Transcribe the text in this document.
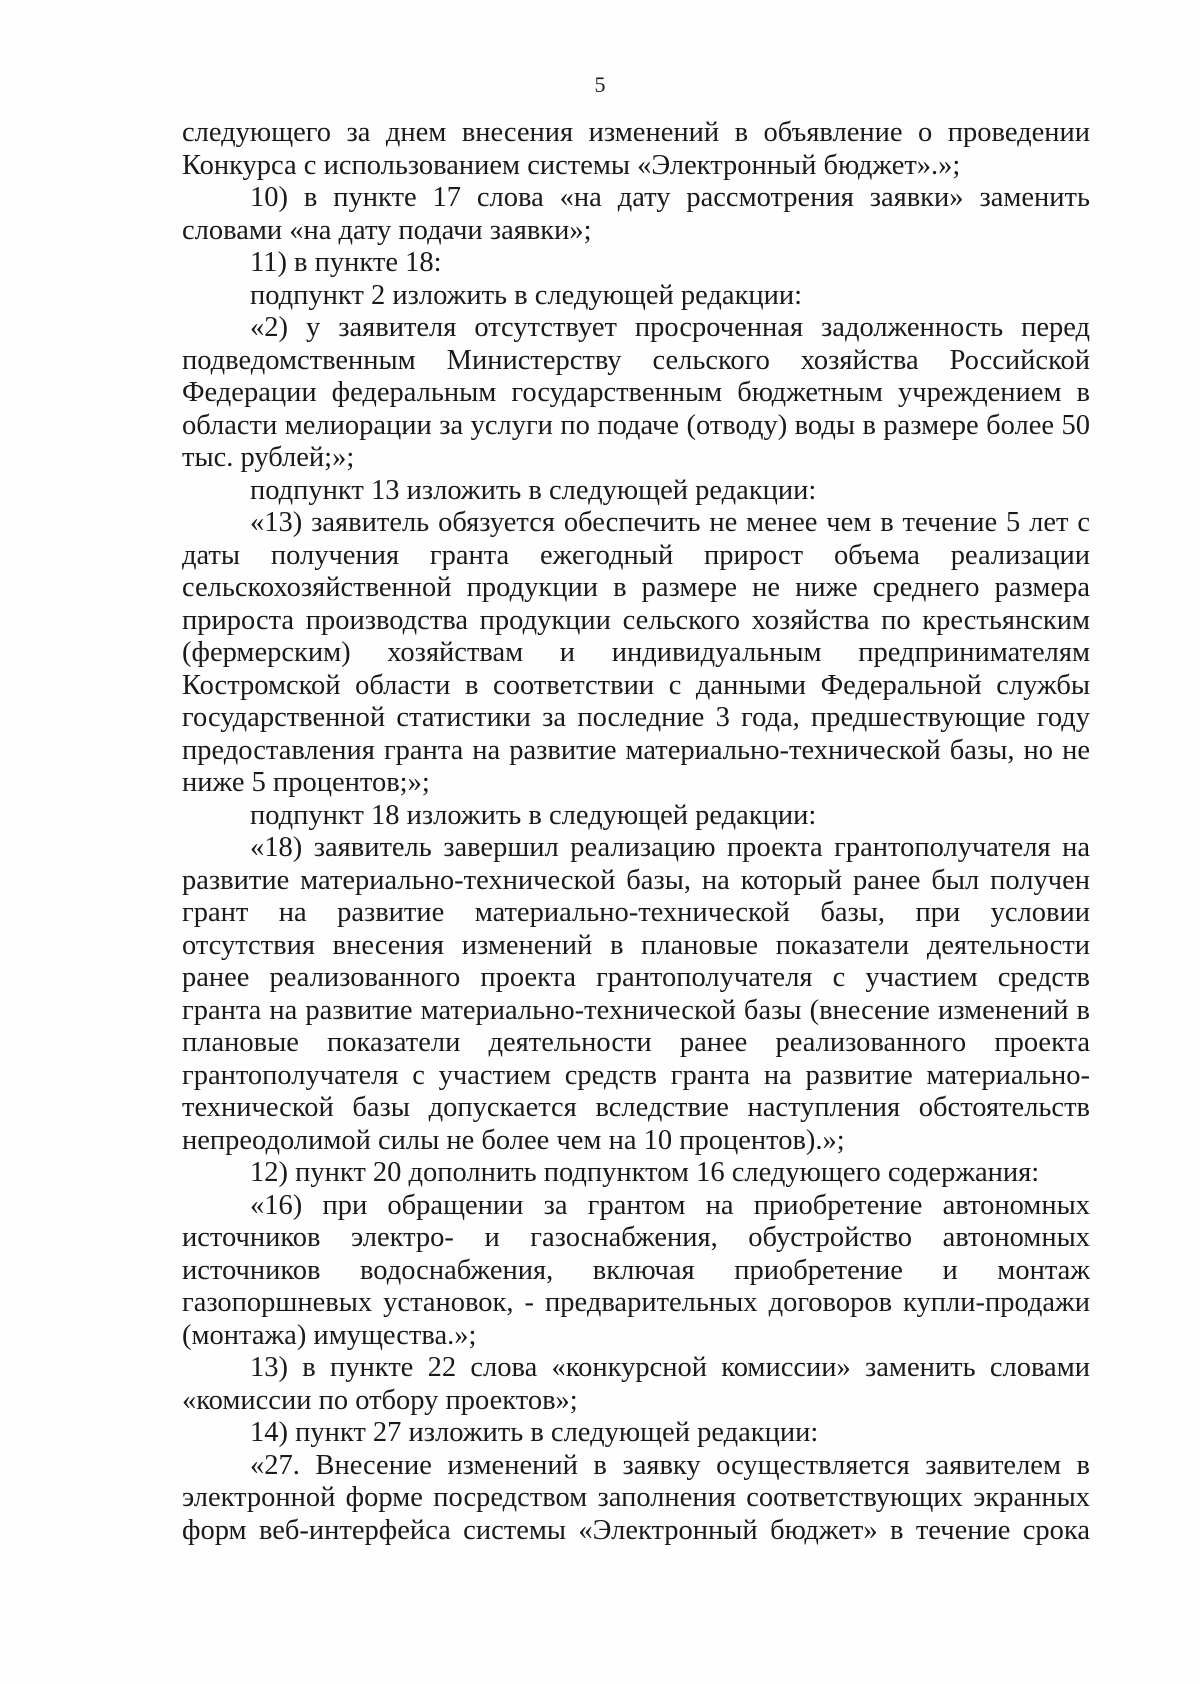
5

следующего за днем внесения изменений в объявление о проведении Конкурса с использованием системы «Электронный бюджет».»;

10) в пункте 17 слова «на дату рассмотрения заявки» заменить словами «на дату подачи заявки»;

11) в пункте 18:

подпункт 2 изложить в следующей редакции:

«2) у заявителя отсутствует просроченная задолженность перед подведомственным Министерству сельского хозяйства Российской Федерации федеральным государственным бюджетным учреждением в области мелиорации за услуги по подаче (отводу) воды в размере более 50 тыс. рублей;»;

подпункт 13 изложить в следующей редакции:

«13) заявитель обязуется обеспечить не менее чем в течение 5 лет с даты получения гранта ежегодный прирост объема реализации сельскохозяйственной продукции в размере не ниже среднего размера прироста производства продукции сельского хозяйства по крестьянским (фермерским) хозяйствам и индивидуальным предпринимателям Костромской области в соответствии с данными Федеральной службы государственной статистики за последние 3 года, предшествующие году предоставления гранта на развитие материально-технической базы, но не ниже 5 процентов;»;

подпункт 18 изложить в следующей редакции:

«18) заявитель завершил реализацию проекта грантополучателя на развитие материально-технической базы, на который ранее был получен грант на развитие материально-технической базы, при условии отсутствия внесения изменений в плановые показатели деятельности ранее реализованного проекта грантополучателя с участием средств гранта на развитие материально-технической базы (внесение изменений в плановые показатели деятельности ранее реализованного проекта грантополучателя с участием средств гранта на развитие материально-технической базы допускается вследствие наступления обстоятельств непреодолимой силы не более чем на 10 процентов).»;

12) пункт 20 дополнить подпунктом 16 следующего содержания:

«16) при обращении за грантом на приобретение автономных источников электро- и газоснабжения, обустройство автономных источников водоснабжения, включая приобретение и монтаж газопоршневых установок, - предварительных договоров купли-продажи (монтажа) имущества.»;

13) в пункте 22 слова «конкурсной комиссии» заменить словами «комиссии по отбору проектов»;

14) пункт 27 изложить в следующей редакции:

«27. Внесение изменений в заявку осуществляется заявителем в электронной форме посредством заполнения соответствующих экранных форм веб-интерфейса системы «Электронный бюджет» в течение срока
